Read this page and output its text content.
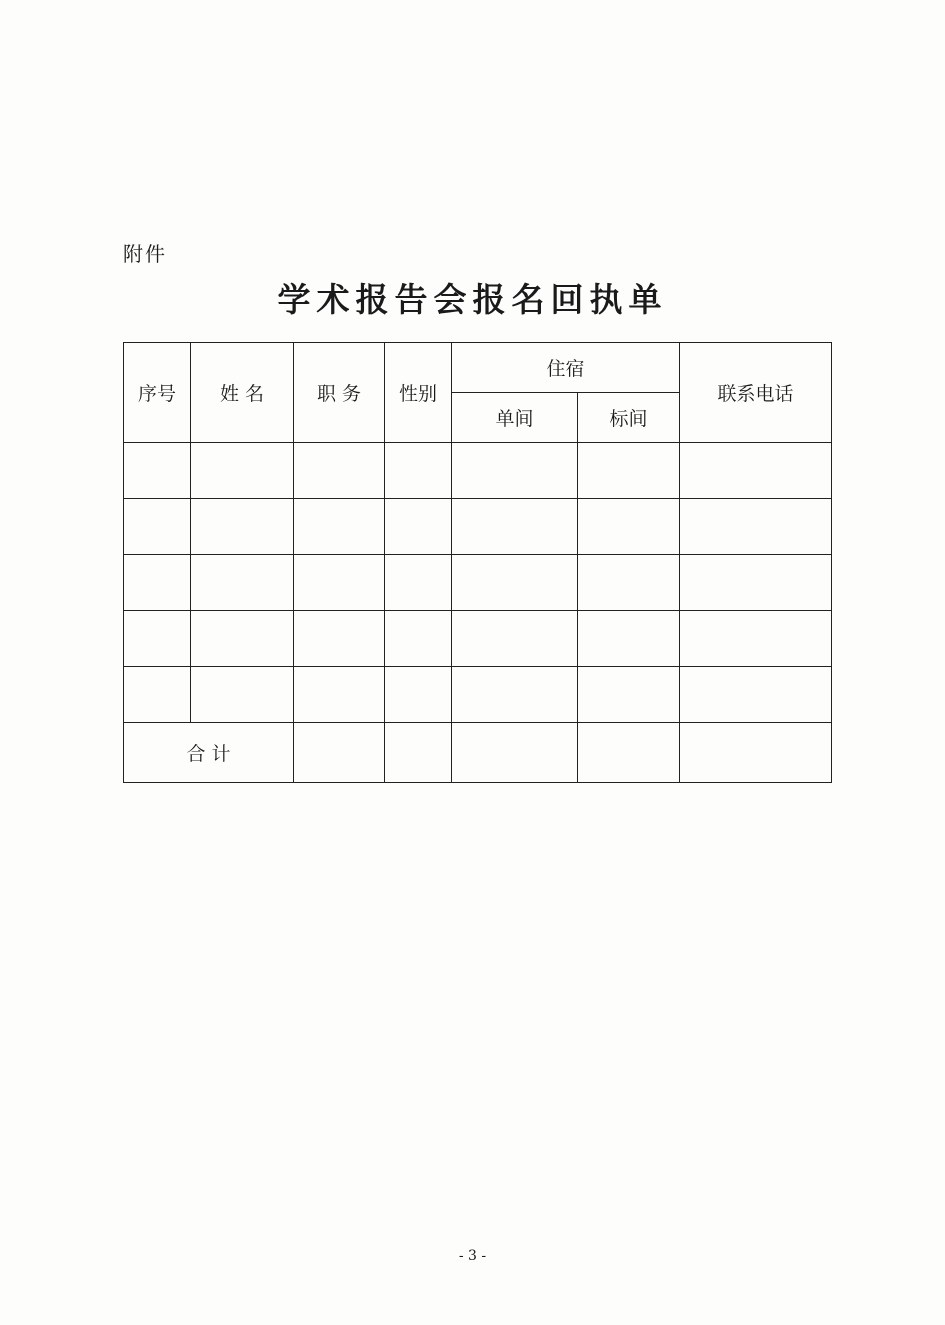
附件
学术报告会报名回执单
序号	姓 名	职 务	性别	住宿		联系电话
				单间	标间	

合 计						
- 3 -
